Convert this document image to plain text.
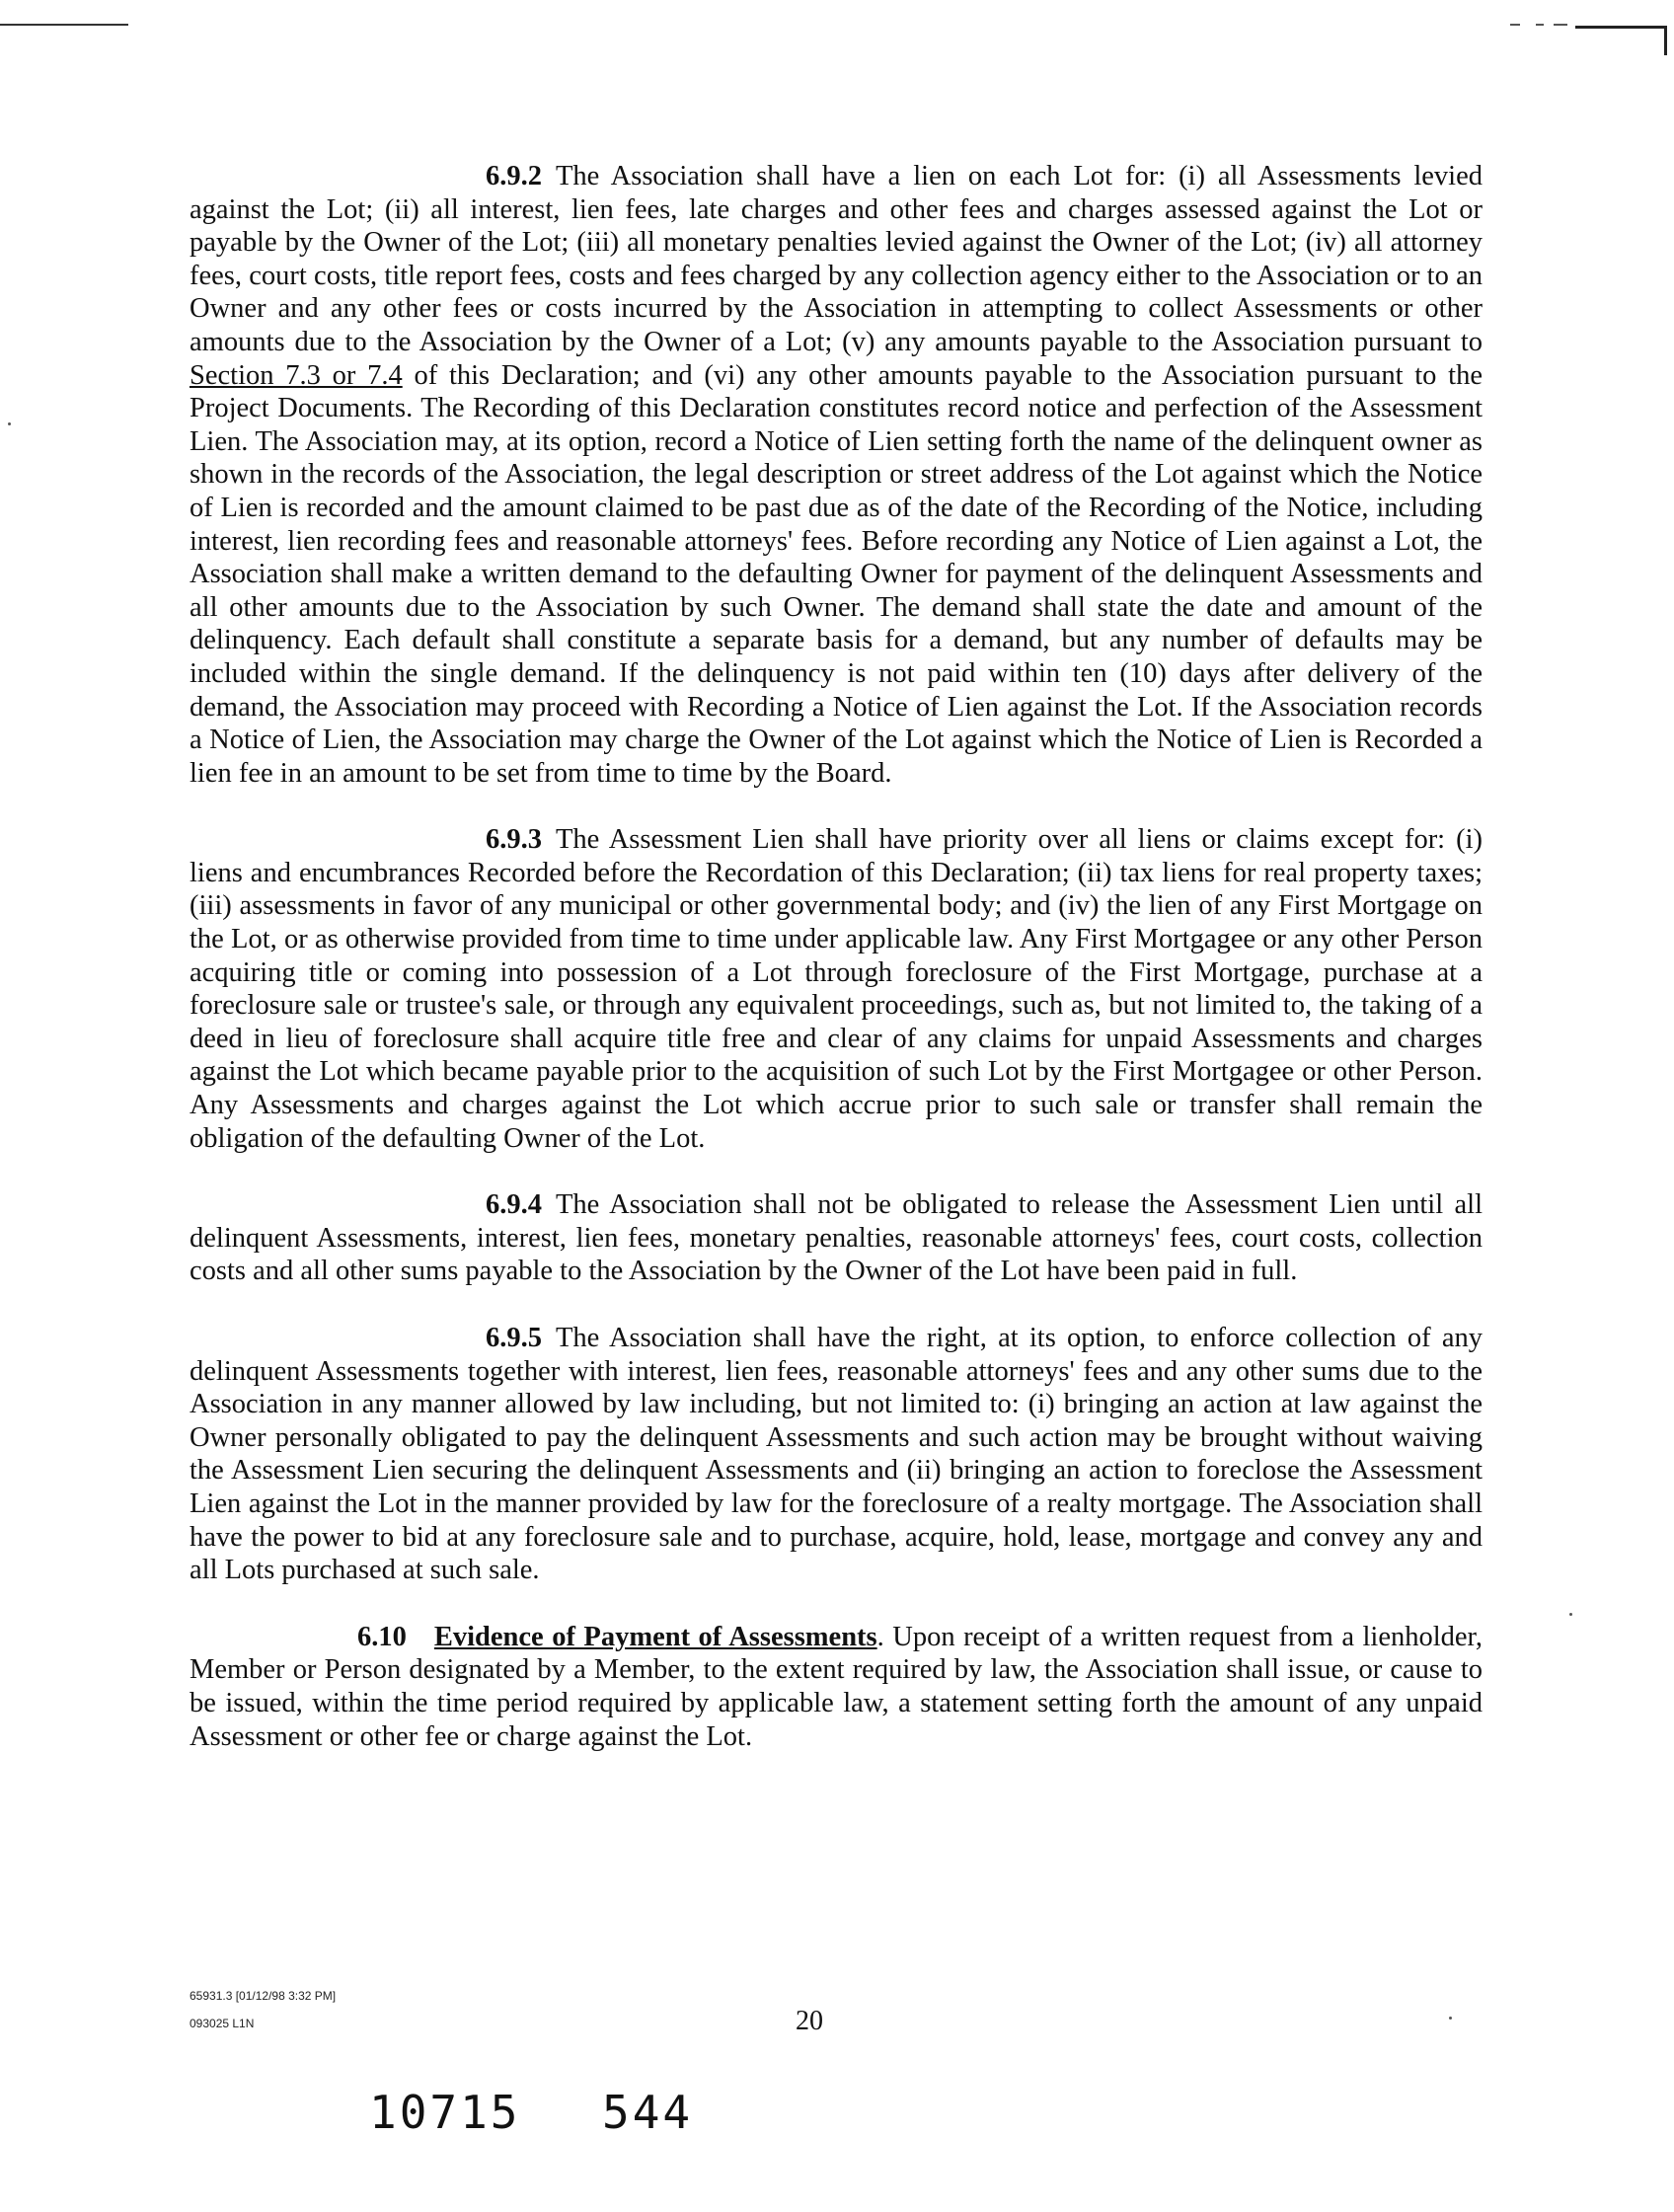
6.9.2 The Association shall have a lien on each Lot for: (i) all Assessments levied against the Lot; (ii) all interest, lien fees, late charges and other fees and charges assessed against the Lot or payable by the Owner of the Lot; (iii) all monetary penalties levied against the Owner of the Lot; (iv) all attorney fees, court costs, title report fees, costs and fees charged by any collection agency either to the Association or to an Owner and any other fees or costs incurred by the Association in attempting to collect Assessments or other amounts due to the Association by the Owner of a Lot; (v) any amounts payable to the Association pursuant to Section 7.3 or 7.4 of this Declaration; and (vi) any other amounts payable to the Association pursuant to the Project Documents. The Recording of this Declaration constitutes record notice and perfection of the Assessment Lien. The Association may, at its option, record a Notice of Lien setting forth the name of the delinquent owner as shown in the records of the Association, the legal description or street address of the Lot against which the Notice of Lien is recorded and the amount claimed to be past due as of the date of the Recording of the Notice, including interest, lien recording fees and reasonable attorneys' fees. Before recording any Notice of Lien against a Lot, the Association shall make a written demand to the defaulting Owner for payment of the delinquent Assessments and all other amounts due to the Association by such Owner. The demand shall state the date and amount of the delinquency. Each default shall constitute a separate basis for a demand, but any number of defaults may be included within the single demand. If the delinquency is not paid within ten (10) days after delivery of the demand, the Association may proceed with Recording a Notice of Lien against the Lot. If the Association records a Notice of Lien, the Association may charge the Owner of the Lot against which the Notice of Lien is Recorded a lien fee in an amount to be set from time to time by the Board.

6.9.3 The Assessment Lien shall have priority over all liens or claims except for: (i) liens and encumbrances Recorded before the Recordation of this Declaration; (ii) tax liens for real property taxes; (iii) assessments in favor of any municipal or other governmental body; and (iv) the lien of any First Mortgage on the Lot, or as otherwise provided from time to time under applicable law. Any First Mortgagee or any other Person acquiring title or coming into possession of a Lot through foreclosure of the First Mortgage, purchase at a foreclosure sale or trustee's sale, or through any equivalent proceedings, such as, but not limited to, the taking of a deed in lieu of foreclosure shall acquire title free and clear of any claims for unpaid Assessments and charges against the Lot which became payable prior to the acquisition of such Lot by the First Mortgagee or other Person. Any Assessments and charges against the Lot which accrue prior to such sale or transfer shall remain the obligation of the defaulting Owner of the Lot.

6.9.4 The Association shall not be obligated to release the Assessment Lien until all delinquent Assessments, interest, lien fees, monetary penalties, reasonable attorneys' fees, court costs, collection costs and all other sums payable to the Association by the Owner of the Lot have been paid in full.

6.9.5 The Association shall have the right, at its option, to enforce collection of any delinquent Assessments together with interest, lien fees, reasonable attorneys' fees and any other sums due to the Association in any manner allowed by law including, but not limited to: (i) bringing an action at law against the Owner personally obligated to pay the delinquent Assessments and such action may be brought without waiving the Assessment Lien securing the delinquent Assessments and (ii) bringing an action to foreclose the Assessment Lien against the Lot in the manner provided by law for the foreclosure of a realty mortgage. The Association shall have the power to bid at any foreclosure sale and to purchase, acquire, hold, lease, mortgage and convey any and all Lots purchased at such sale.

6.10 Evidence of Payment of Assessments. Upon receipt of a written request from a lienholder, Member or Person designated by a Member, to the extent required by law, the Association shall issue, or cause to be issued, within the time period required by applicable law, a statement setting forth the amount of any unpaid Assessment or other fee or charge against the Lot.

65931.3 [01/12/98 3:32 PM]
093025 L1N	20
10715 544
